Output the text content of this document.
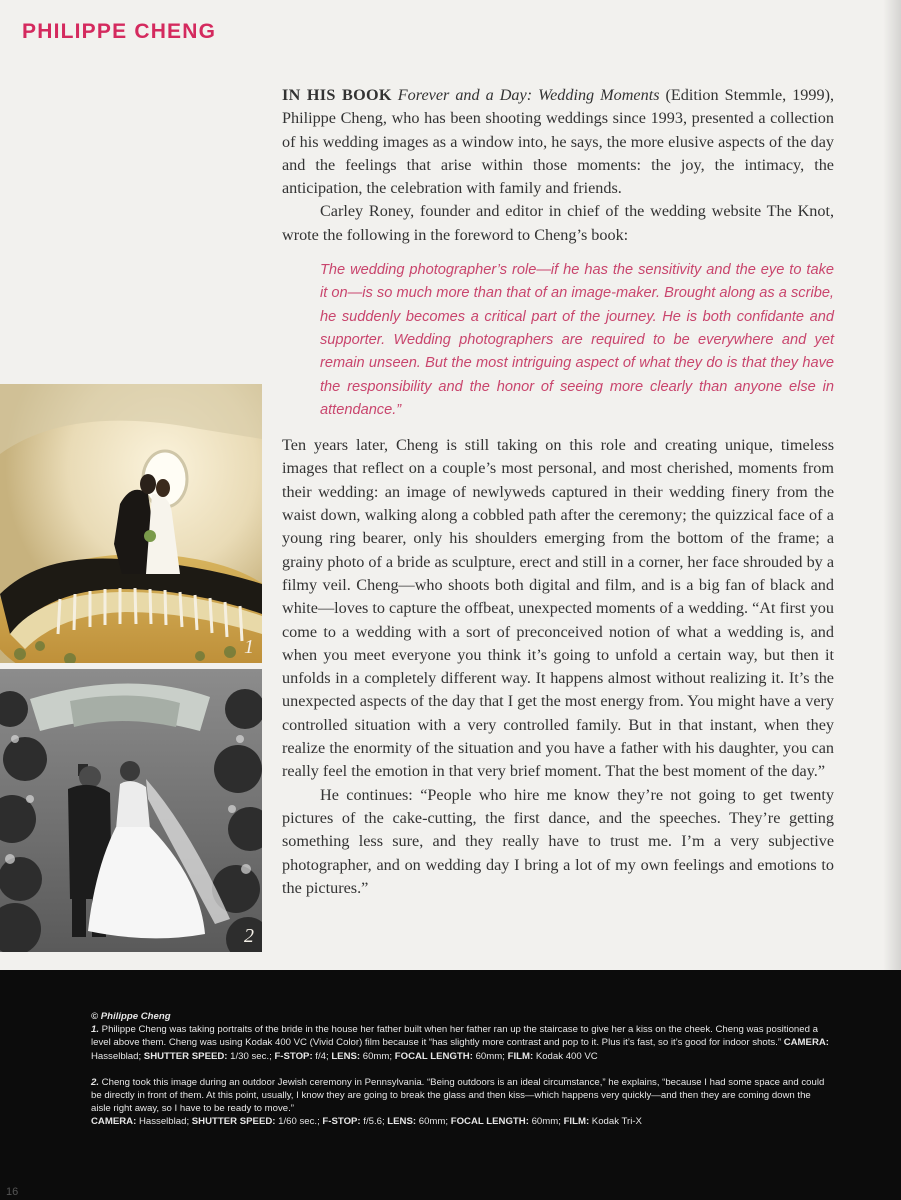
PHILIPPE CHENG

IN HIS BOOK Forever and a Day: Wedding Moments (Edition Stemmle, 1999), Philippe Cheng, who has been shooting weddings since 1993, presented a collection of his wedding images as a window into, he says, the more elusive aspects of the day and the feelings that arise within those moments: the joy, the intimacy, the anticipation, the celebration with family and friends.

Carley Roney, founder and editor in chief of the wedding website The Knot, wrote the following in the foreword to Cheng’s book:

The wedding photographer’s role—if he has the sensitivity and the eye to take it on—is so much more than that of an image-maker. Brought along as a scribe, he suddenly becomes a critical part of the journey. He is both confidante and supporter. Wedding photographers are required to be everywhere and yet remain unseen. But the most intriguing aspect of what they do is that they have the responsibility and the honor of seeing more clearly than anyone else in attendance.”

Ten years later, Cheng is still taking on this role and creating unique, timeless images that reflect on a couple’s most personal, and most cherished, moments from their wedding: an image of newlyweds captured in their wedding finery from the waist down, walking along a cobbled path after the ceremony; the quizzical face of a young ring bearer, only his shoulders emerging from the bottom of the frame; a grainy photo of a bride as sculpture, erect and still in a corner, her face shrouded by a filmy veil. Cheng—who shoots both digital and film, and is a big fan of black and white—loves to capture the offbeat, unexpected moments of a wedding. “At first you come to a wedding with a sort of preconceived notion of what a wedding is, and when you meet everyone you think it’s going to unfold a certain way, but then it unfolds in a completely different way. It happens almost without realizing it. It’s the unexpected aspects of the day that I get the most energy from. You might have a very controlled situation with a very controlled family. But in that instant, when they realize the enormity of the situation and you have a father with his daughter, you can really feel the emotion in that very brief moment. That the best moment of the day.”

He continues: “People who hire me know they’re not going to get twenty pictures of the cake-cutting, the first dance, and the speeches. They’re getting something less sure, and they really have to trust me. I’m a very subjective photographer, and on wedding day I bring a lot of my own feelings and emotions to the pictures.”

1
2

© Philippe Cheng

1. Philippe Cheng was taking portraits of the bride in the house her father built when her father ran up the staircase to give her a kiss on the cheek. Cheng was positioned a level above them. Cheng was using Kodak 400 VC (Vivid Color) film because it “has slightly more contrast and pop to it. Plus it’s fast, so it’s good for indoor shots.” CAMERA: Hasselblad; SHUTTER SPEED: 1/30 sec.; F-STOP: f/4; LENS: 60mm; FOCAL LENGTH: 60mm; FILM: Kodak 400 VC

2. Cheng took this image during an outdoor Jewish ceremony in Pennsylvania. “Being outdoors is an ideal circumstance,” he explains, “because I had some space and could be directly in front of them. At this point, usually, I know they are going to break the glass and then kiss—which happens very quickly—and then they are coming down the aisle right away, so I have to be ready to move.”

CAMERA: Hasselblad; SHUTTER SPEED: 1/60 sec.; F-STOP: f/5.6; LENS: 60mm; FOCAL LENGTH: 60mm; FILM: Kodak Tri-X

16
